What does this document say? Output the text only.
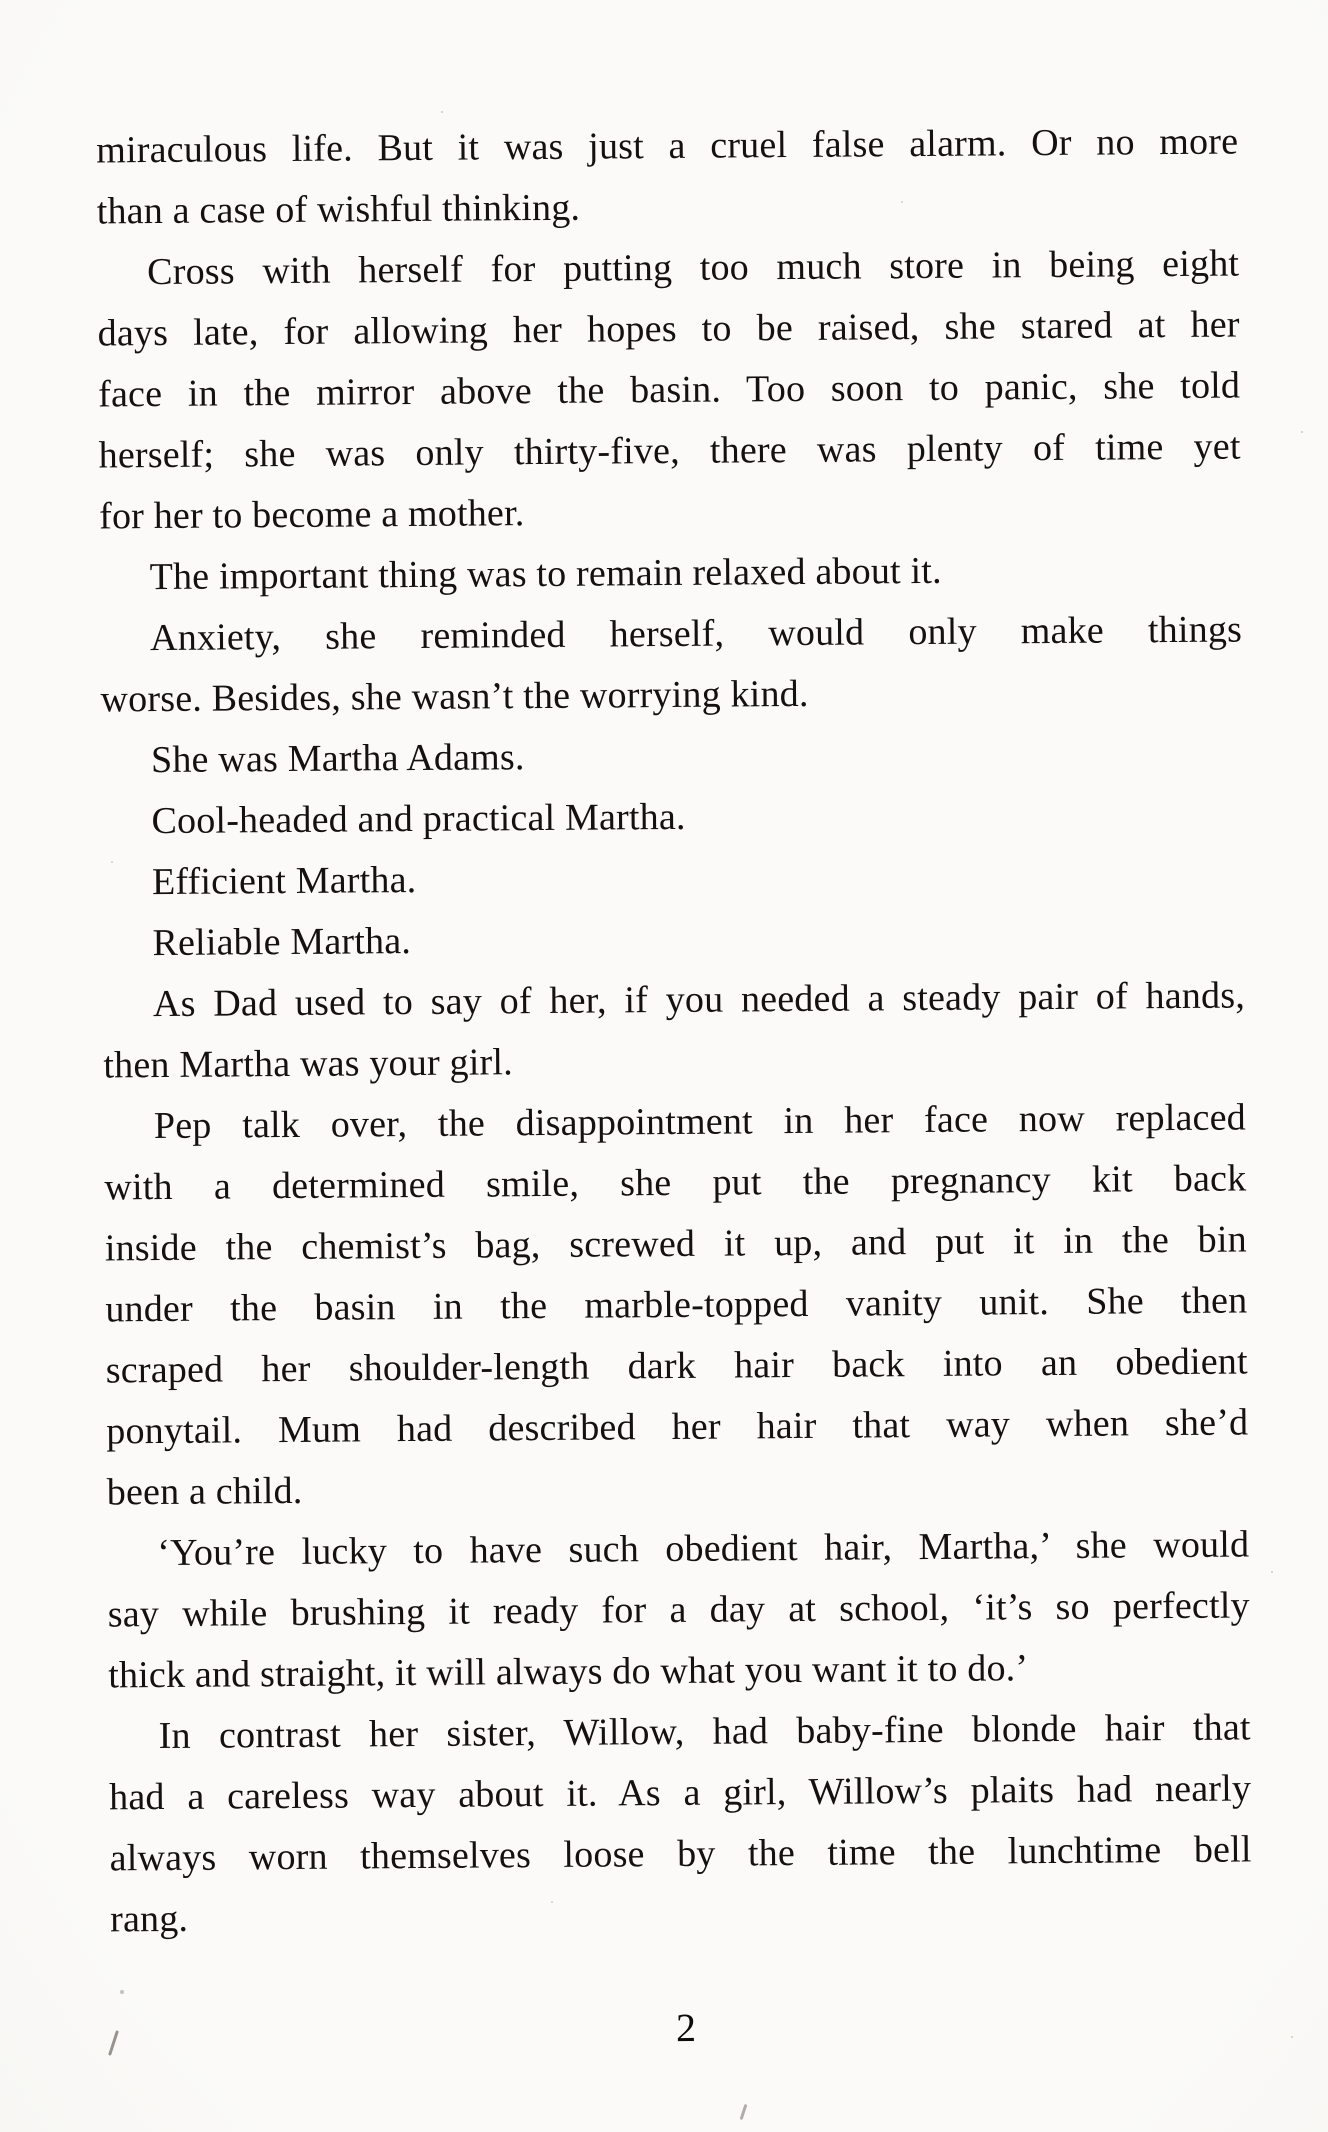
miraculous life. But it was just a cruel false alarm. Or no more
than a case of wishful thinking.
Cross with herself for putting too much store in being eight
days late, for allowing her hopes to be raised, she stared at her
face in the mirror above the basin. Too soon to panic, she told
herself; she was only thirty-five, there was plenty of time yet
for her to become a mother.
The important thing was to remain relaxed about it.
Anxiety, she reminded herself, would only make things
worse. Besides, she wasn’t the worrying kind.
She was Martha Adams.
Cool-headed and practical Martha.
Efficient Martha.
Reliable Martha.
As Dad used to say of her, if you needed a steady pair of hands,
then Martha was your girl.
Pep talk over, the disappointment in her face now replaced
with a determined smile, she put the pregnancy kit back
inside the chemist’s bag, screwed it up, and put it in the bin
under the basin in the marble-topped vanity unit. She then
scraped her shoulder-length dark hair back into an obedient
ponytail. Mum had described her hair that way when she’d
been a child.
‘You’re lucky to have such obedient hair, Martha,’ she would
say while brushing it ready for a day at school, ‘it’s so perfectly
thick and straight, it will always do what you want it to do.’
In contrast her sister, Willow, had baby-fine blonde hair that
had a careless way about it. As a girl, Willow’s plaits had nearly
always worn themselves loose by the time the lunchtime bell
rang.
2
